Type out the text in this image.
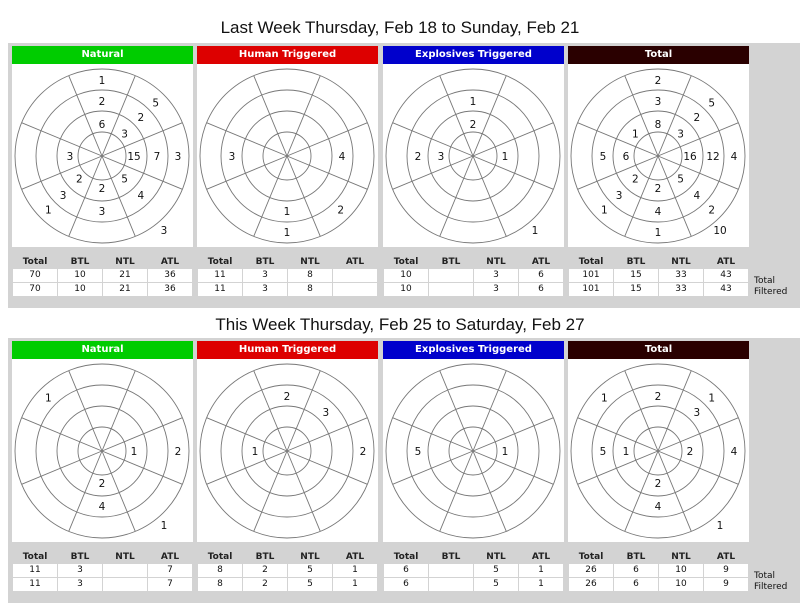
Last Week Thursday, Feb 18 to Sunday, Feb 21
Natural
1
2
6
5
2
3
3
7
15
4
5
3
3
2
1
3
2
3
Total	BTL	NTL	ATL
70	10	21	36
70	10	21	36
Human Triggered
4
2
1
1
3
Total	BTL	NTL	ATL
11	3	8	
11	3	8	
Explosives Triggered
1
2
1
2 3
1
Total	BTL	NTL	ATL
10		3	6
10		3	6
Total
2
3
8
5
2
3
4
12
16
2
4
5
10
1
4
2
1
3
2
5 6
1
Total	BTL	NTL	ATL
101	15	33	43
101	15	33	43
Total
Filtered
This Week Thursday, Feb 25 to Saturday, Feb 27
Natural
1
1	2
2
4
1
Total	BTL	NTL	ATL
11	3		7
11	3		7
Human Triggered
2
3
2
1
Total	BTL	NTL	ATL
8	2	5	1
8	2	5	1
Explosives Triggered
1
5
Total	BTL	NTL	ATL
6		5	1
6		5	1
Total
1	2	1
3
1	2
5	4
2
4
1
Total	BTL	NTL	ATL
26	6	10	9
26	6	10	9
Total
Filtered
